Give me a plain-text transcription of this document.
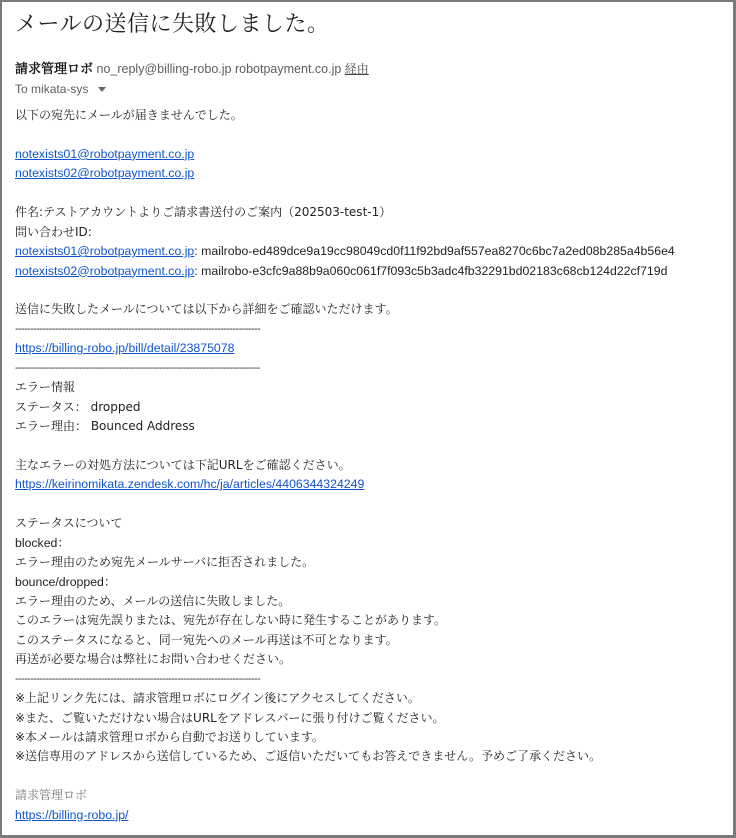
メールの送信に失敗しました。
請求管理ロボ no_reply@billing-robo.jp robotpayment.co.jp 経由
To mikata-sys
以下の宛先にメールが届きませんでした。
notexists01@robotpayment.co.jp
notexists02@robotpayment.co.jp
件名:テストアカウントよりご請求書送付のご案内（202503-test-1）
問い合わせID:
notexists01@robotpayment.co.jp: mailrobo-ed489dce9a19cc98049cd0f11f92bd9af557ea8270c6bc7a2ed08b285a4b56e4
notexists02@robotpayment.co.jp: mailrobo-e3cfc9a88b9a060c061f7f093c5b3adc4fb32291bd02183c68cb124d22cf719d
送信に失敗したメールについては以下から詳細をご確認いただけます。
--------------------------------------------------------------------------------
https://billing-robo.jp/bill/detail/23875078
--------------------------------------------------------------------------------
エラー情報
ステータス： dropped
エラー理由： Bounced Address
主なエラーの対処方法については下記URLをご確認ください。
https://keirinomikata.zendesk.com/hc/ja/articles/4406344324249
ステータスについて
blocked：
エラー理由のため宛先メールサーバに拒否されました。
bounce/dropped：
エラー理由のため、メールの送信に失敗しました。
このエラーは宛先誤りまたは、宛先が存在しない時に発生することがあります。
このステータスになると、同一宛先へのメール再送は不可となります。
再送が必要な場合は弊社にお問い合わせください。
--------------------------------------------------------------------------------
※上記リンク先には、請求管理ロボにログイン後にアクセスしてください。
※また、ご覧いただけない場合はURLをアドレスバーに張り付けご覧ください。
※本メールは請求管理ロボから自動でお送りしています。
※送信専用のアドレスから送信しているため、ご返信いただいてもお答えできません。予めご了承ください。
請求管理ロボ
https://billing-robo.jp/
